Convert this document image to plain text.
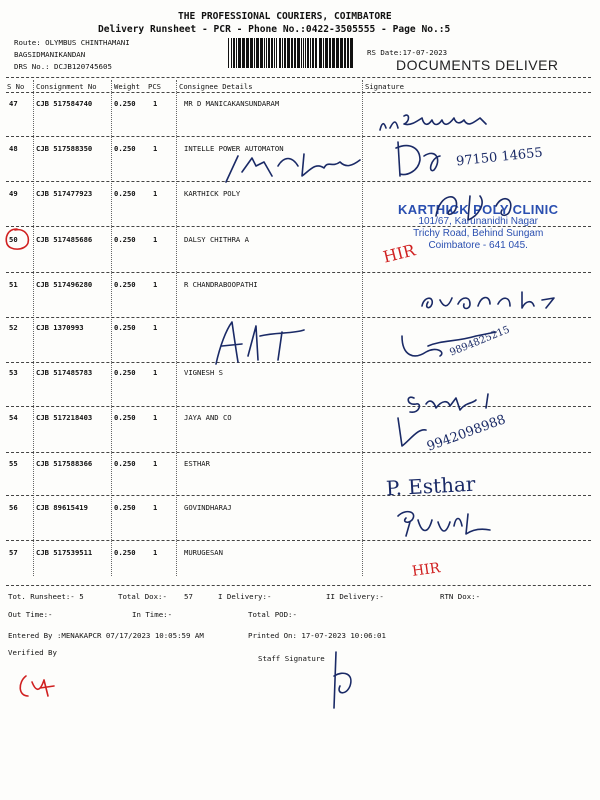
THE PROFESSIONAL COURIERS, COIMBATORE
Delivery Runsheet - PCR - Phone No.:0422-3505555 - Page No.:5
Route: OLYMBUS CHINTHAMANI
BAGSIDMANIKANDAN
DRS No.: DCJB120745605
RS Date:17-07-2023
DOCUMENTS DELIVER
S No Consignment No Weight PCS	Consignee Details	Signature
47	CJB 517584740	0.250 1	MR D MANICAKANSUNDARAM
48	CJB 517588350	0.250 1	INTELLE POWER AUTOMATON
49	CJB 517477923	0.250 1	KARTHICK POLY
50	CJB 517485686	0.250 1	DALSY CHITHRA A
51	CJB 517496280	0.250 1	R CHANDRABOOPATHI
52	CJB 1370993	0.250 1
53	CJB 517485783	0.250 1	VIGNESH S
54	CJB 517218403	0.250 1	JAYA AND CO
55	CJB 517588366	0.250 1	ESTHAR
56	CJB 89615419	0.250 1	GOVINDHARAJ
57	CJB 517539511	0.250 1	MURUGESAN
97150 14655
KARTHICK POLY CLINIC
101/67, Karunanidhi Nagar
Trichy Road, Behind Sungam
Coimbatore - 641 045.
HIR
9894825215
9942098988
P. Esthar
HIR
Tot. Runsheet:- 5	Total Dox:- 57	I Delivery:-	II Delivery:-	RTN Dox:-
Out Time:-	In Time:-	Total POD:-
Entered By :MENAKAPCR 07/17/2023 10:05:59 AM	Printed On: 17-07-2023 10:06:01
Verified By
Staff Signature
